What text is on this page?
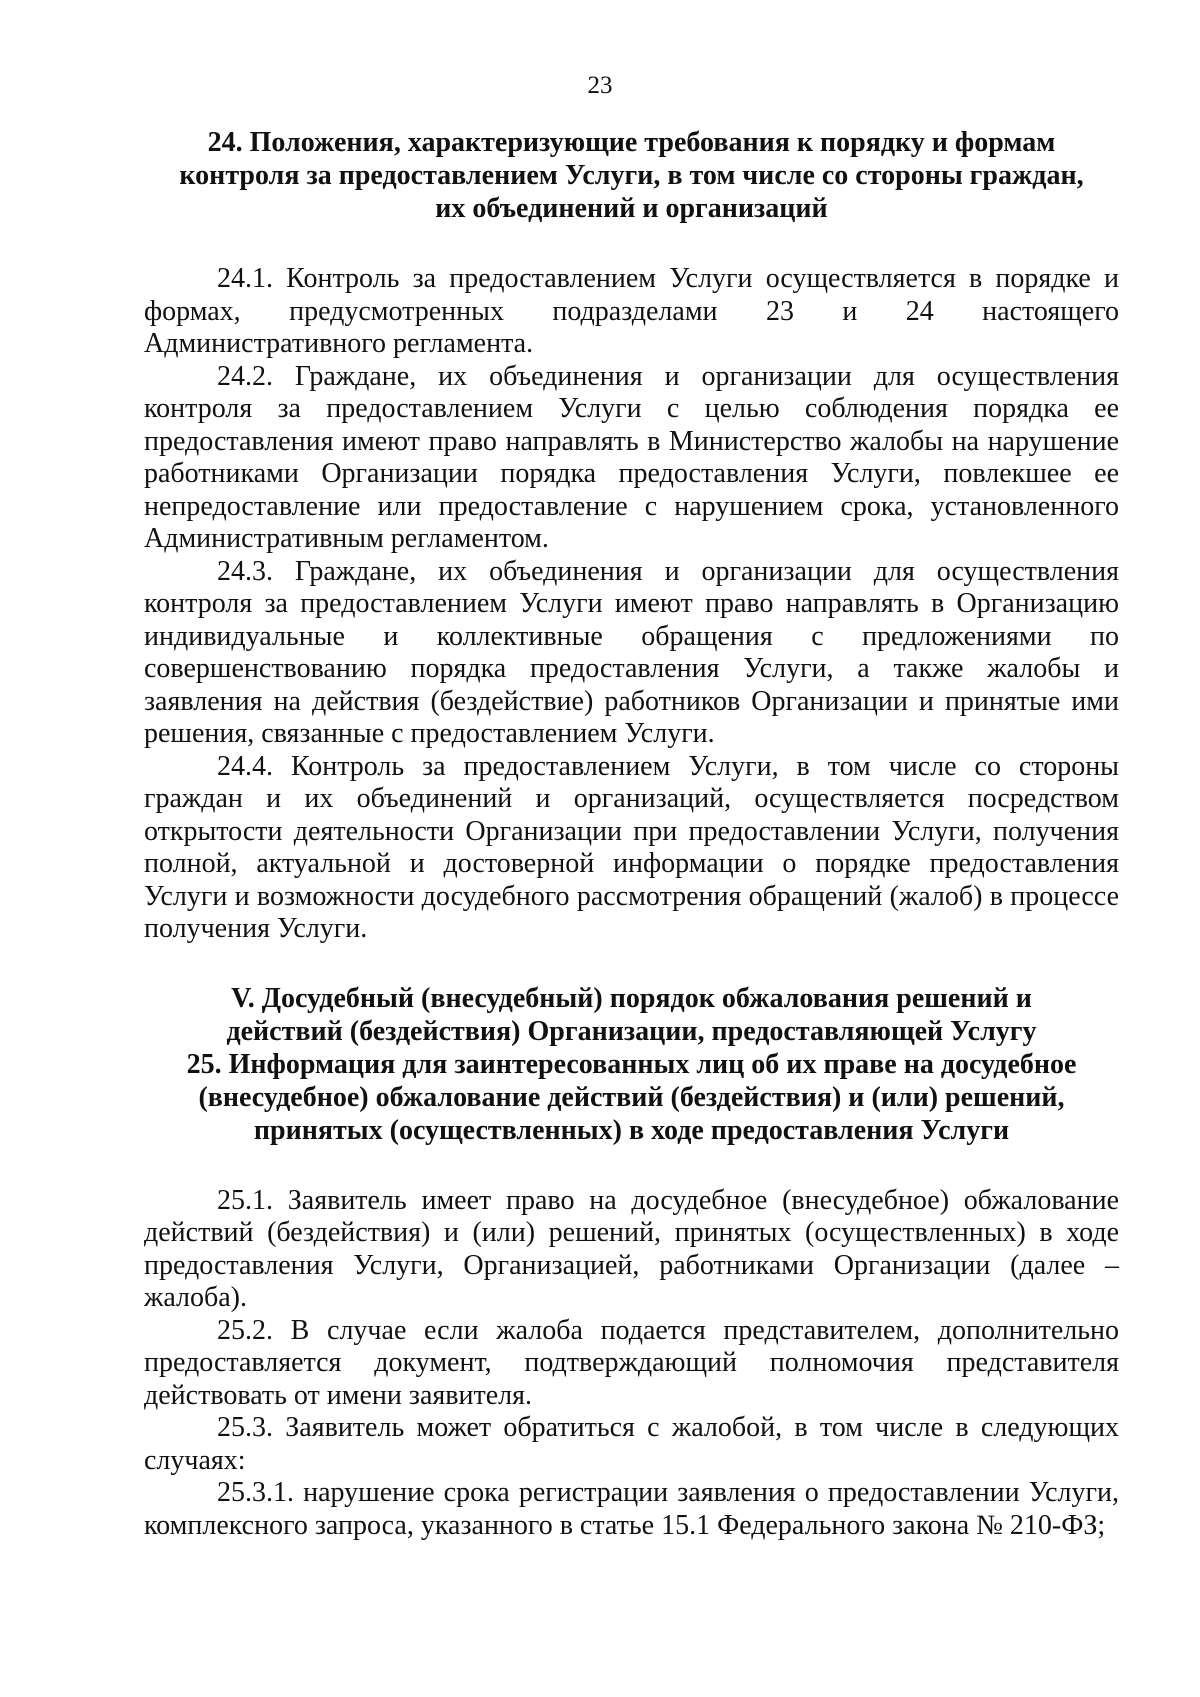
23
24. Положения, характеризующие требования к порядку и формам
контроля за предоставлением Услуги, в том числе со стороны граждан,
их объединений и организаций

24.1. Контроль за предоставлением Услуги осуществляется в порядке и формах, предусмотренных подразделами 23 и 24 настоящего Административного регламента.

24.2. Граждане, их объединения и организации для осуществления контроля за предоставлением Услуги с целью соблюдения порядка ее предоставления имеют право направлять в Министерство жалобы на нарушение работниками Организации порядка предоставления Услуги, повлекшее ее непредоставление или предоставление с нарушением срока, установленного Административным регламентом.

24.3. Граждане, их объединения и организации для осуществления контроля за предоставлением Услуги имеют право направлять в Организацию индивидуальные и коллективные обращения с предложениями по совершенствованию порядка предоставления Услуги, а также жалобы и заявления на действия (бездействие) работников Организации и принятые ими решения, связанные с предоставлением Услуги.

24.4. Контроль за предоставлением Услуги, в том числе со стороны граждан и их объединений и организаций, осуществляется посредством открытости деятельности Организации при предоставлении Услуги, получения полной, актуальной и достоверной информации о порядке предоставления Услуги и возможности досудебного рассмотрения обращений (жалоб) в процессе получения Услуги.

V. Досудебный (внесудебный) порядок обжалования решений и
действий (бездействия) Организации, предоставляющей Услугу
25. Информация для заинтересованных лиц об их праве на досудебное
(внесудебное) обжалование действий (бездействия) и (или) решений,
принятых (осуществленных) в ходе предоставления Услуги

25.1. Заявитель имеет право на досудебное (внесудебное) обжалование действий (бездействия) и (или) решений, принятых (осуществленных) в ходе предоставления Услуги, Организацией, работниками Организации (далее – жалоба).

25.2. В случае если жалоба подается представителем, дополнительно предоставляется документ, подтверждающий полномочия представителя действовать от имени заявителя.

25.3. Заявитель может обратиться с жалобой, в том числе в следующих случаях:

25.3.1. нарушение срока регистрации заявления о предоставлении Услуги, комплексного запроса, указанного в статье 15.1 Федерального закона № 210-ФЗ;
